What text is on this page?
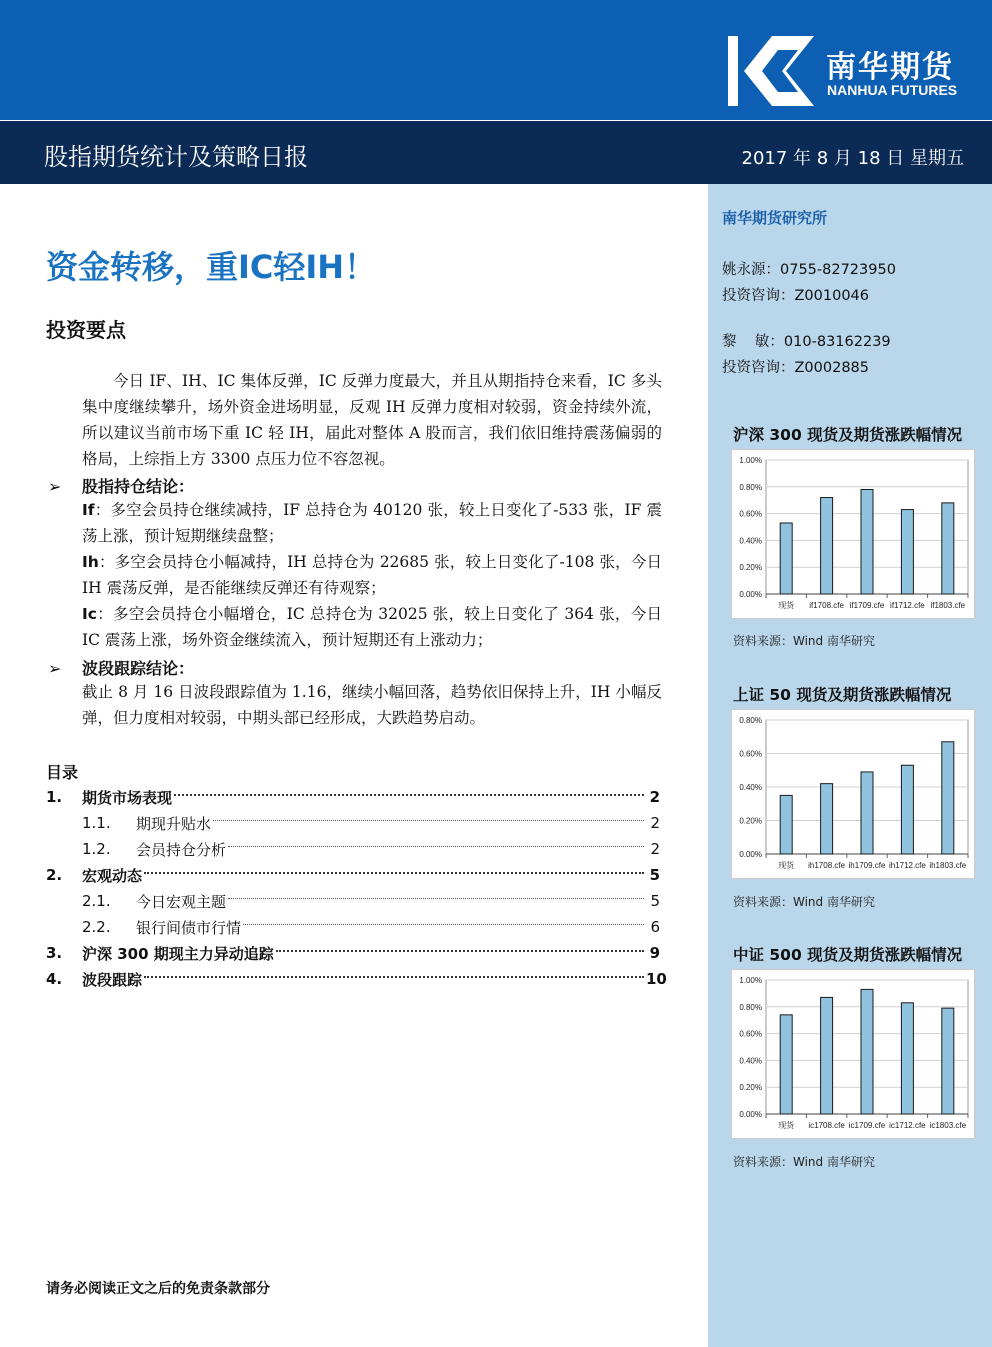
南华期货
NANHUA FUTURES
股指期货统计及策略日报	2017 年 8 月 18 日 星期五
南华期货研究所
姚永源：0755-82723950
投资咨询：Z0010046
黎    敏：010-83162239
投资咨询：Z0002885
沪深 300 现货及期货涨跌幅情况
0.00%
0.20%
0.40%
0.60%
0.80%
1.00%
现货 if1708.cfe if1709.cfe if1712.cfe if1803.cfe
资料来源：Wind 南华研究
上证 50 现货及期货涨跌幅情况
0.00%
0.20%
0.40%
0.60%
0.80%
现货 ih1708.cfe ih1709.cfe ih1712.cfe ih1803.cfe
资料来源：Wind 南华研究
中证 500 现货及期货涨跌幅情况
0.00%
0.20%
0.40%
0.60%
0.80%
1.00%
现货 ic1708.cfe ic1709.cfe ic1712.cfe ic1803.cfe
资料来源：Wind 南华研究
资金转移，重IC轻IH！
投资要点
今日 IF、IH、IC 集体反弹，IC 反弹力度最大，并且从期指持仓来看，IC 多头集中度继续攀升，场外资金进场明显，反观 IH 反弹力度相对较弱，资金持续外流，所以建议当前市场下重 IC 轻 IH，届此对整体 A 股而言，我们依旧维持震荡偏弱的格局，上综指上方 3300 点压力位不容忽视。
➢ 股指持仓结论：
If：多空会员持仓继续减持，IF 总持仓为 40120 张，较上日变化了-533 张，IF 震荡上涨，预计短期继续盘整；
Ih：多空会员持仓小幅减持，IH 总持仓为 22685 张，较上日变化了-108 张，今日 IH 震荡反弹，是否能继续反弹还有待观察；
Ic：多空会员持仓小幅增仓，IC 总持仓为 32025 张，较上日变化了 364 张，今日 IC 震荡上涨，场外资金继续流入，预计短期还有上涨动力；
➢ 波段跟踪结论：
截止 8 月 16 日波段跟踪值为 1.16，继续小幅回落，趋势依旧保持上升，IH 小幅反弹，但力度相对较弱，中期头部已经形成，大跌趋势启动。
目录
1.	期货市场表现	2
1.1.	期现升贴水	2
1.2.	会员持仓分析	2
2.	宏观动态	5
2.1.	今日宏观主题	5
2.2.	银行间债市行情	6
3.	沪深 300 期现主力异动追踪	9
4.	波段跟踪	10
请务必阅读正文之后的免责条款部分
